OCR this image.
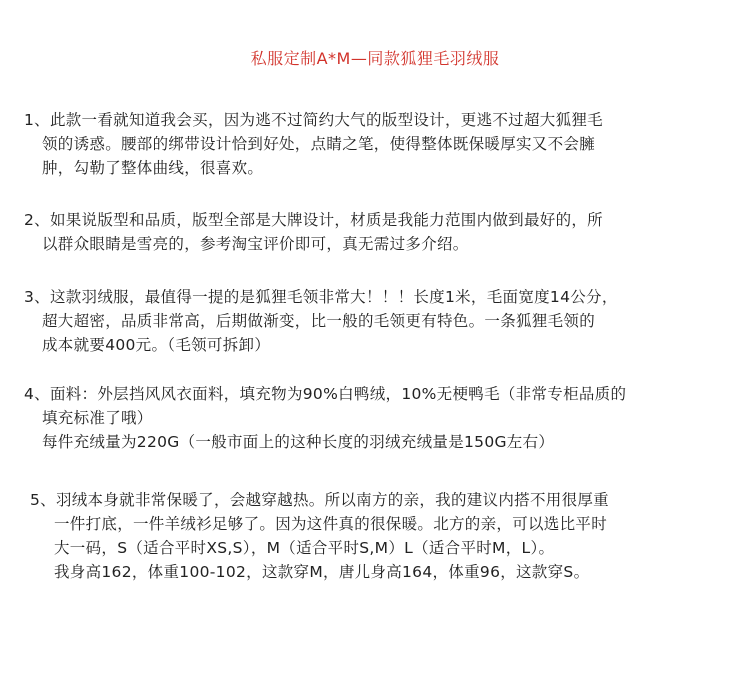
私服定制A*M—同款狐狸毛羽绒服
1、此款一看就知道我会买，因为逃不过简约大气的版型设计，更逃不过超大狐狸毛
领的诱惑。腰部的绑带设计恰到好处，点睛之笔，使得整体既保暖厚实又不会臃
肿，勾勒了整体曲线，很喜欢。
2、如果说版型和品质，版型全部是大牌设计，材质是我能力范围内做到最好的，所
以群众眼睛是雪亮的，参考淘宝评价即可，真无需过多介绍。
3、这款羽绒服，最值得一提的是狐狸毛领非常大！！！长度1米，毛面宽度14公分，
超大超密，品质非常高，后期做渐变，比一般的毛领更有特色。一条狐狸毛领的
成本就要400元。（毛领可拆卸）
4、面料：外层挡风风衣面料，填充物为90%白鸭绒，10%无梗鸭毛（非常专柜品质的
填充标准了哦）
每件充绒量为220G（一般市面上的这种长度的羽绒充绒量是150G左右）
5、羽绒本身就非常保暖了，会越穿越热。所以南方的亲，我的建议内搭不用很厚重
一件打底，一件羊绒衫足够了。因为这件真的很保暖。北方的亲，可以选比平时
大一码，S（适合平时XS,S），M（适合平时S,M）L（适合平时M，L）。
我身高162，体重100-102，这款穿M，唐儿身高164，体重96，这款穿S。
